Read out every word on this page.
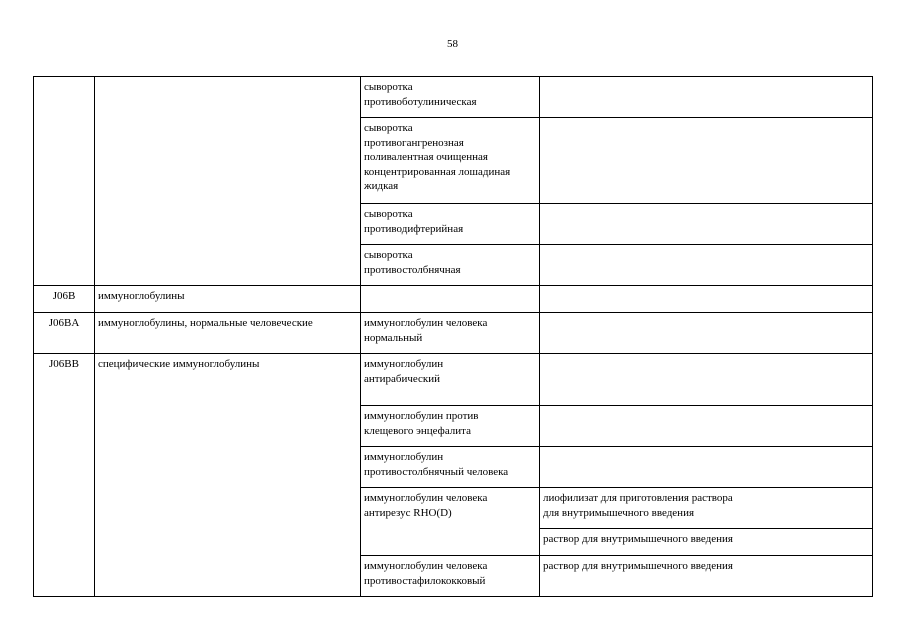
58

		сыворотка
противоботулиническая	

		сыворотка
противогангренозная
поливалентная очищенная
концентрированная лошадиная
жидкая	

		сыворотка
противодифтерийная	

		сыворотка
противостолбнячная	

J06B	иммуноглобулины		
J06BA	иммуноглобулины, нормальные человеческие	иммуноглобулин человека
нормальный	

J06BB	специфические иммуноглобулины	иммуноглобулин
антирабический	

		иммуноглобулин против
клещевого энцефалита	

		иммуноглобулин
противостолбнячный человека	

		иммуноглобулин человека
антирезус RHO(D)	лиофилизат для приготовления раствора
для внутримышечного введения

			раствор для внутримышечного введения

		иммуноглобулин человека
противостафилококковый	раствор для внутримышечного введения
